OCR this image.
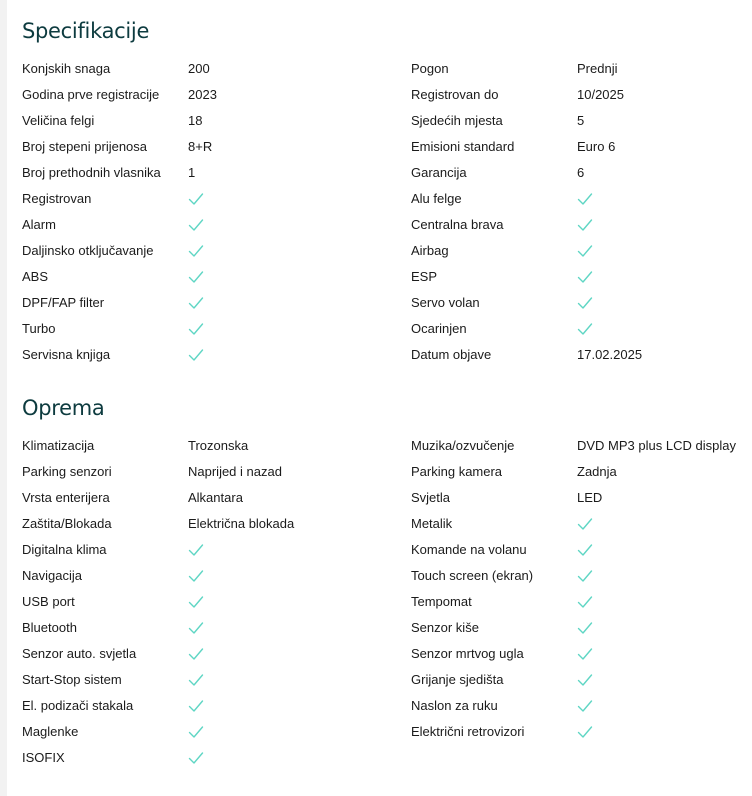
Specifikacije
Konjskih snaga	200	Pogon	Prednji
Godina prve registracije 2023	Registrovan do	10/2025
Veličina felgi	18	Sjedećih mjesta	5
Broj stepeni prijenosa	8+R	Emisioni standard	Euro 6
Broj prethodnih vlasnika 1	Garancija	6
Registrovan	Alu felge
Alarm	Centralna brava
Daljinsko otključavanje	Airbag
ABS	ESP
DPF/FAP filter	Servo volan
Turbo	Ocarinjen
Servisna knjiga	Datum objave	17.02.2025
Oprema
Klimatizacija	Trozonska	Muzika/ozvučenje	DVD MP3 plus LCD display
Parking senzori	Naprijed i nazad	Parking kamera	Zadnja
Vrsta enterijera	Alkantara	Svjetla	LED
Zaštita/Blokada	Električna blokada	Metalik
Digitalna klima	Komande na volanu
Navigacija	Touch screen (ekran)
USB port	Tempomat
Bluetooth	Senzor kiše
Senzor auto. svjetla	Senzor mrtvog ugla
Start-Stop sistem	Grijanje sjedišta
El. podizači stakala	Naslon za ruku
Maglenke	Električni retrovizori
ISOFIX
